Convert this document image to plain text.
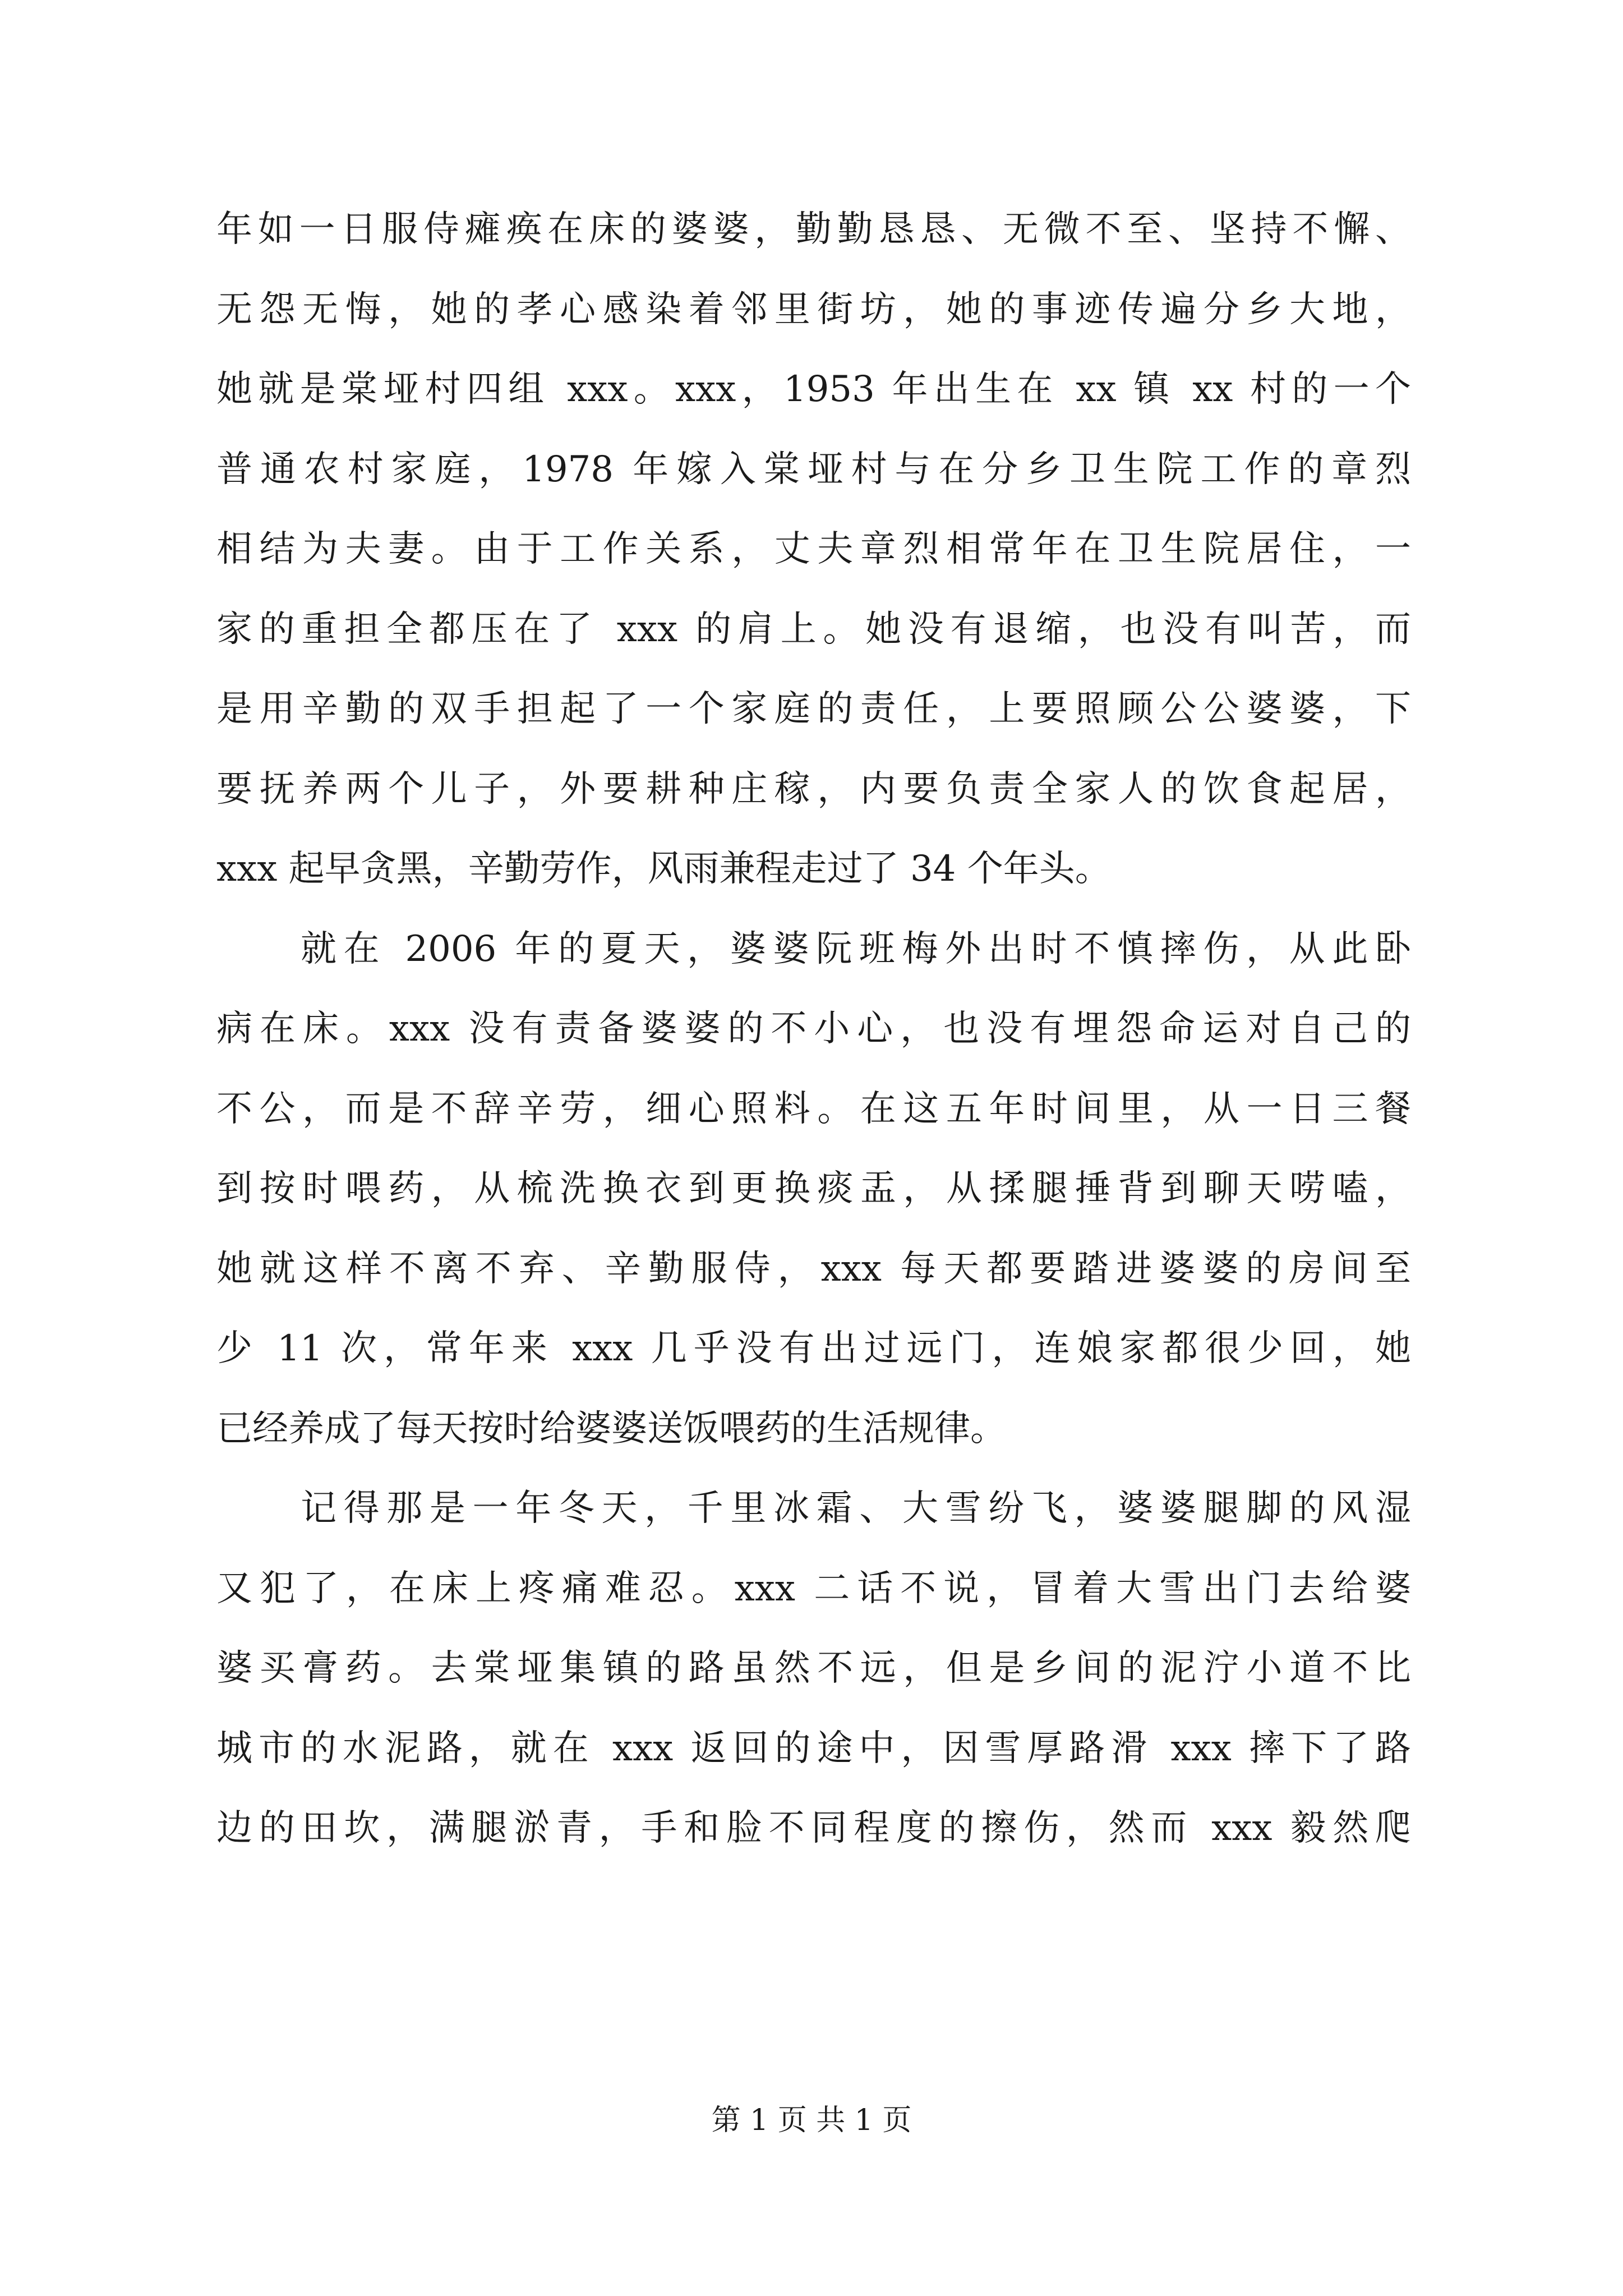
年如一日服侍瘫痪在床的婆婆，勤勤恳恳、无微不至、坚持不懈、
无怨无悔，她的孝心感染着邻里街坊，她的事迹传遍分乡大地，
她就是棠垭村四组 xxx。xxx，1953 年出生在 xx 镇 xx 村的一个
普通农村家庭，1978 年嫁入棠垭村与在分乡卫生院工作的章烈
相结为夫妻。由于工作关系，丈夫章烈相常年在卫生院居住，一
家的重担全都压在了 xxx 的肩上。她没有退缩，也没有叫苦，而
是用辛勤的双手担起了一个家庭的责任，上要照顾公公婆婆，下
要抚养两个儿子，外要耕种庄稼，内要负责全家人的饮食起居，
xxx 起早贪黑，辛勤劳作，风雨兼程走过了 34 个年头。
就在 2006 年的夏天，婆婆阮班梅外出时不慎摔伤，从此卧
病在床。xxx 没有责备婆婆的不小心，也没有埋怨命运对自己的
不公，而是不辞辛劳，细心照料。在这五年时间里，从一日三餐
到按时喂药，从梳洗换衣到更换痰盂，从揉腿捶背到聊天唠嗑，
她就这样不离不弃、辛勤服侍，xxx 每天都要踏进婆婆的房间至
少 11 次，常年来 xxx 几乎没有出过远门，连娘家都很少回，她
已经养成了每天按时给婆婆送饭喂药的生活规律。
记得那是一年冬天，千里冰霜、大雪纷飞，婆婆腿脚的风湿
又犯了，在床上疼痛难忍。xxx 二话不说，冒着大雪出门去给婆
婆买膏药。去棠垭集镇的路虽然不远，但是乡间的泥泞小道不比
城市的水泥路，就在 xxx 返回的途中，因雪厚路滑 xxx 摔下了路
边的田坎，满腿淤青，手和脸不同程度的擦伤，然而 xxx 毅然爬
第 1 页 共 1 页
